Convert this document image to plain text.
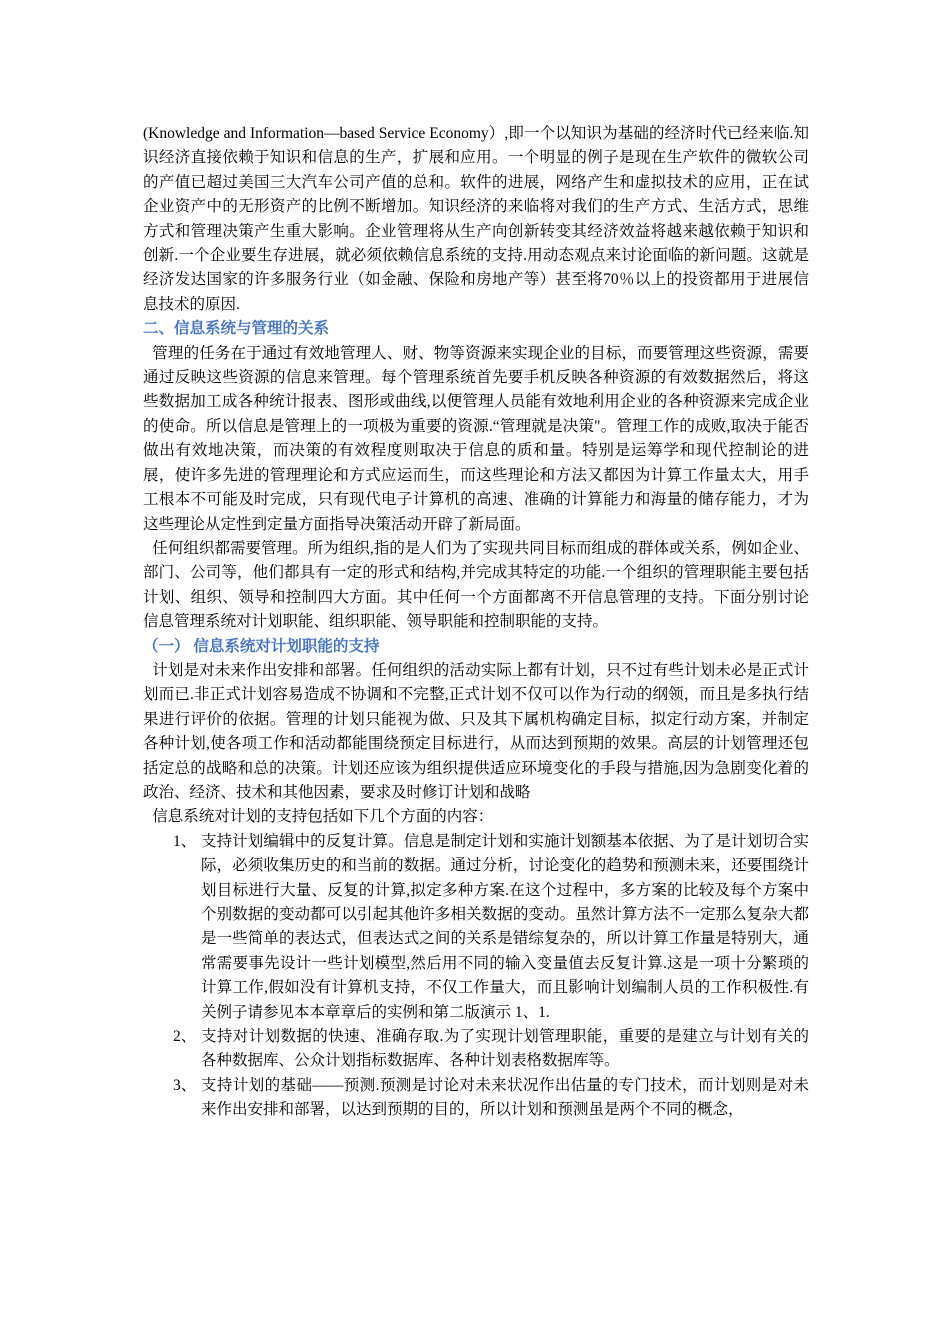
(Knowledge and Information—based Service Economy）,即一个以知识为基础的经济时代已经来临.知识经济直接依赖于知识和信息的生产，扩展和应用。一个明显的例子是现在生产软件的微软公司的产值已超过美国三大汽车公司产值的总和。软件的进展，网络产生和虚拟技术的应用，正在试企业资产中的无形资产的比例不断增加。知识经济的来临将对我们的生产方式、生活方式，思维方式和管理决策产生重大影响。企业管理将从生产向创新转变其经济效益将越来越依赖于知识和创新.一个企业要生存进展，就必须依赖信息系统的支持.用动态观点来讨论面临的新问题。这就是经济发达国家的许多服务行业（如金融、保险和房地产等）甚至将70％以上的投资都用于进展信息技术的原因.

二、信息系统与管理的关系

管理的任务在于通过有效地管理人、财、物等资源来实现企业的目标，而要管理这些资源，需要通过反映这些资源的信息来管理。每个管理系统首先要手机反映各种资源的有效数据然后，将这些数据加工成各种统计报表、图形或曲线,以便管理人员能有效地利用企业的各种资源来完成企业的使命。所以信息是管理上的一项极为重要的资源.“管理就是决策"。管理工作的成败,取决于能否做出有效地决策，而决策的有效程度则取决于信息的质和量。特别是运筹学和现代控制论的进展，使许多先进的管理理论和方式应运而生，而这些理论和方法又都因为计算工作量太大，用手工根本不可能及时完成，只有现代电子计算机的高速、准确的计算能力和海量的储存能力，才为这些理论从定性到定量方面指导决策活动开辟了新局面。

任何组织都需要管理。所为组织,指的是人们为了实现共同目标而组成的群体或关系，例如企业、部门、公司等，他们都具有一定的形式和结构,并完成其特定的功能.一个组织的管理职能主要包括计划、组织、领导和控制四大方面。其中任何一个方面都离不开信息管理的支持。下面分别讨论信息管理系统对计划职能、组织职能、领导职能和控制职能的支持。

（一） 信息系统对计划职能的支持

计划是对未来作出安排和部署。任何组织的活动实际上都有计划，只不过有些计划未必是正式计划而已.非正式计划容易造成不协调和不完整,正式计划不仅可以作为行动的纲领，而且是多执行结果进行评价的依据。管理的计划只能视为做、只及其下属机构确定目标，拟定行动方案，并制定各种计划,使各项工作和活动都能围绕预定目标进行，从而达到预期的效果。高层的计划管理还包括定总的战略和总的决策。计划还应该为组织提供适应环境变化的手段与措施,因为急剧变化着的政治、经济、技术和其他因素，要求及时修订计划和战略

信息系统对计划的支持包括如下几个方面的内容：

1、 支持计划编辑中的反复计算。信息是制定计划和实施计划额基本依据、为了是计划切合实际，必须收集历史的和当前的数据。通过分析，讨论变化的趋势和预测未来，还要围绕计划目标进行大量、反复的计算,拟定多种方案.在这个过程中，多方案的比较及每个方案中个别数据的变动都可以引起其他许多相关数据的变动。虽然计算方法不一定那么复杂大都是一些简单的表达式，但表达式之间的关系是错综复杂的，所以计算工作量是特别大，通常需要事先设计一些计划模型,然后用不同的输入变量值去反复计算.这是一项十分繁琐的计算工作,假如没有计算机支持，不仅工作量大，而且影响计划编制人员的工作积极性.有关例子请参见本本章章后的实例和第二版演示 1、1.
2、 支持对计划数据的快速、准确存取.为了实现计划管理职能，重要的是建立与计划有关的各种数据库、公众计划指标数据库、各种计划表格数据库等。
3、 支持计划的基础——预测.预测是讨论对未来状况作出估量的专门技术，而计划则是对未来作出安排和部署，以达到预期的目的，所以计划和预测虽是两个不同的概念，
